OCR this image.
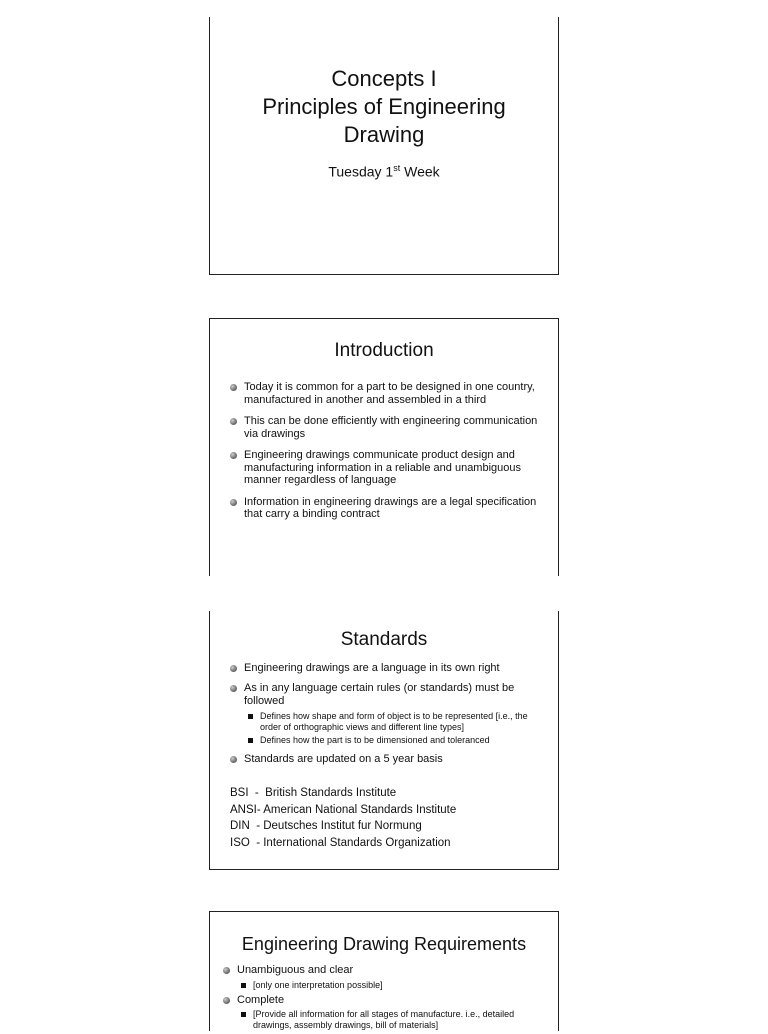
Concepts I
Principles of Engineering
Drawing
Tuesday 1st Week
Introduction
Today it is common for a part to be designed in one country, manufactured in another and assembled in a third
This can be done efficiently with engineering communication via drawings
Engineering drawings communicate product design and manufacturing information in a reliable and unambiguous manner regardless of language
Information in engineering drawings are a legal specification that carry a binding contract
Standards
Engineering drawings are a language in its own right
As in any language certain rules (or standards) must be followed
Defines how shape and form of object is to be represented [i.e., the order of orthographic views and different line types]
Defines how the part is to be dimensioned and toleranced
Standards are updated on a 5 year basis
BSI  -  British Standards Institute
ANSI- American National Standards Institute
DIN  - Deutsches Institut fur Normung
ISO  - International Standards Organization
Engineering Drawing Requirements
Unambiguous and clear
[only one interpretation possible]
Complete
[Provide all information for all stages of manufacture. i.e., detailed drawings, assembly drawings, bill of materials]
